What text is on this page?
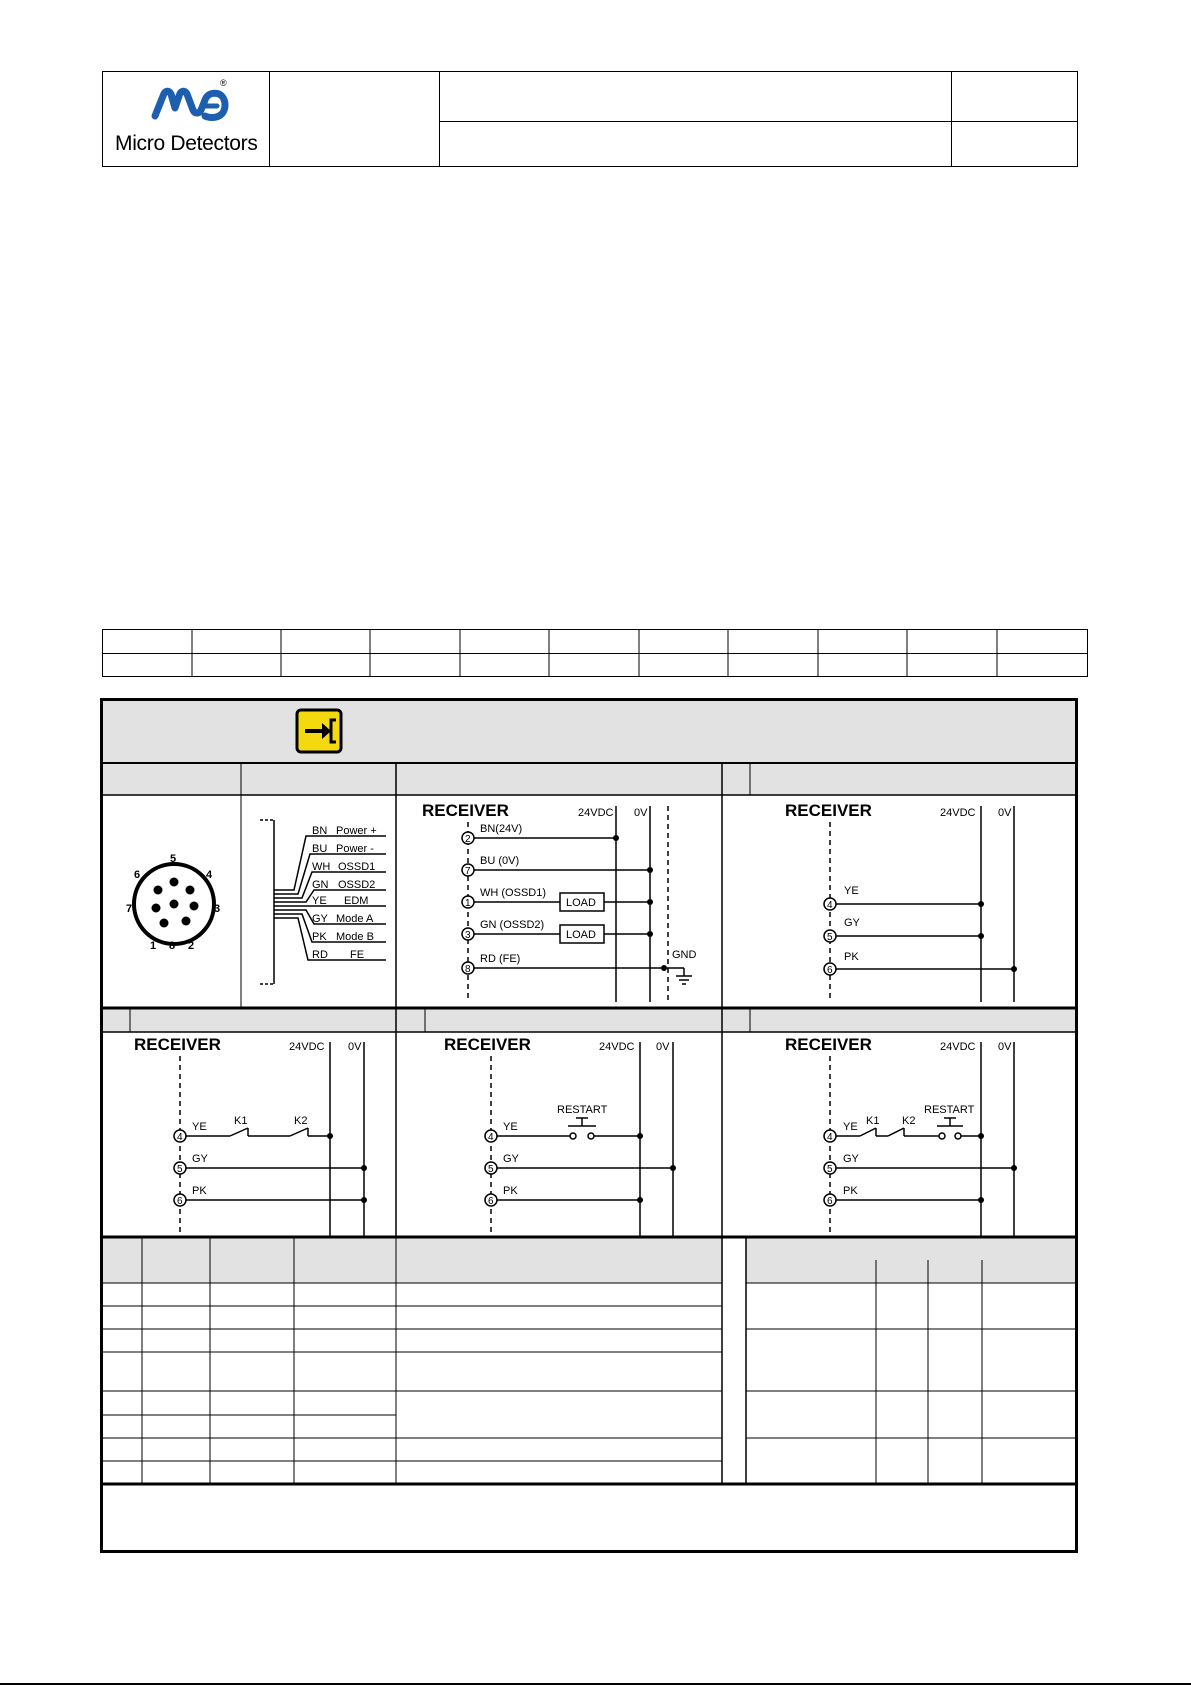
®
Micro Detectors
5
6	4
7	3
1 8 2
BN Power +
BU Power -
WH OSSD1
GN OSSD2
YE EDM
GY Mode A
PK Mode B
RD FE
RECEIVER	24VDC 0V
2
7
1
3
8
BN(24V)
BU (0V)
WH (OSSD1)
GN (OSSD2)
RD (FE)
LOAD
LOAD
GND
RECEIVER	24VDC 0V
4
5
6
YE
GY
PK
RECEIVER	24VDC 0V
4
5
6
YE
GY
PK
K1	K2
RECEIVER	24VDC 0V
4
5
6
YE
GY
PK
RESTART
RECEIVER	24VDC 0V
4
5
6
YE
GY
PK
K1 K2
RESTART
